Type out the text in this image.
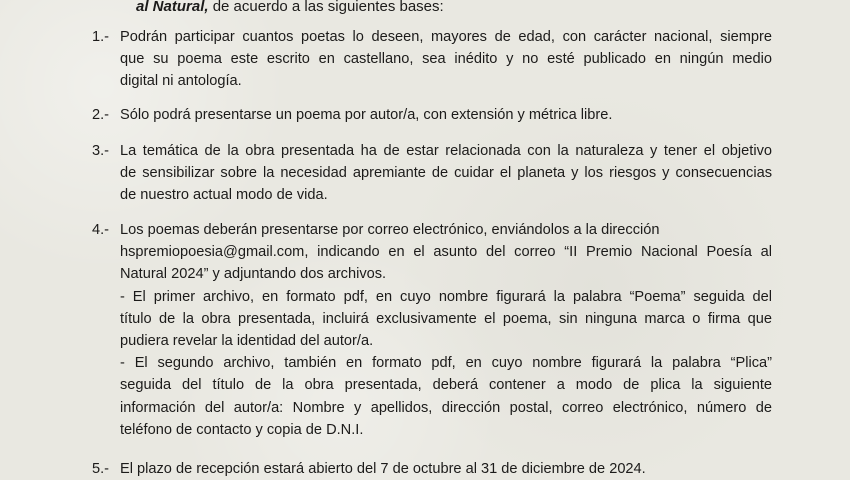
al Natural, de acuerdo a las siguientes bases:
1.- Podrán participar cuantos poetas lo deseen, mayores de edad, con carácter nacional, siempre
que su poema este escrito en castellano, sea inédito y no esté publicado en ningún medio
digital ni antología.
2.- Sólo podrá presentarse un poema por autor/a, con extensión y métrica libre.
3.- La temática de la obra presentada ha de estar relacionada con la naturaleza y tener el objetivo
de sensibilizar sobre la necesidad apremiante de cuidar el planeta y los riesgos y consecuencias
de nuestro actual modo de vida.
4.- Los poemas deberán presentarse por correo electrónico, enviándolos a la dirección
hspremiopoesia@gmail.com, indicando en el asunto del correo “II Premio Nacional Poesía al
Natural 2024” y adjuntando dos archivos.
- El primer archivo, en formato pdf, en cuyo nombre figurará la palabra “Poema” seguida del
título de la obra presentada, incluirá exclusivamente el poema, sin ninguna marca o firma que
pudiera revelar la identidad del autor/a.
- El segundo archivo, también en formato pdf, en cuyo nombre figurará la palabra “Plica”
seguida del título de la obra presentada, deberá contener a modo de plica la siguiente
información del autor/a: Nombre y apellidos, dirección postal, correo electrónico, número de
teléfono de contacto y copia de D.N.I.
5.- El plazo de recepción estará abierto del 7 de octubre al 31 de diciembre de 2024.
